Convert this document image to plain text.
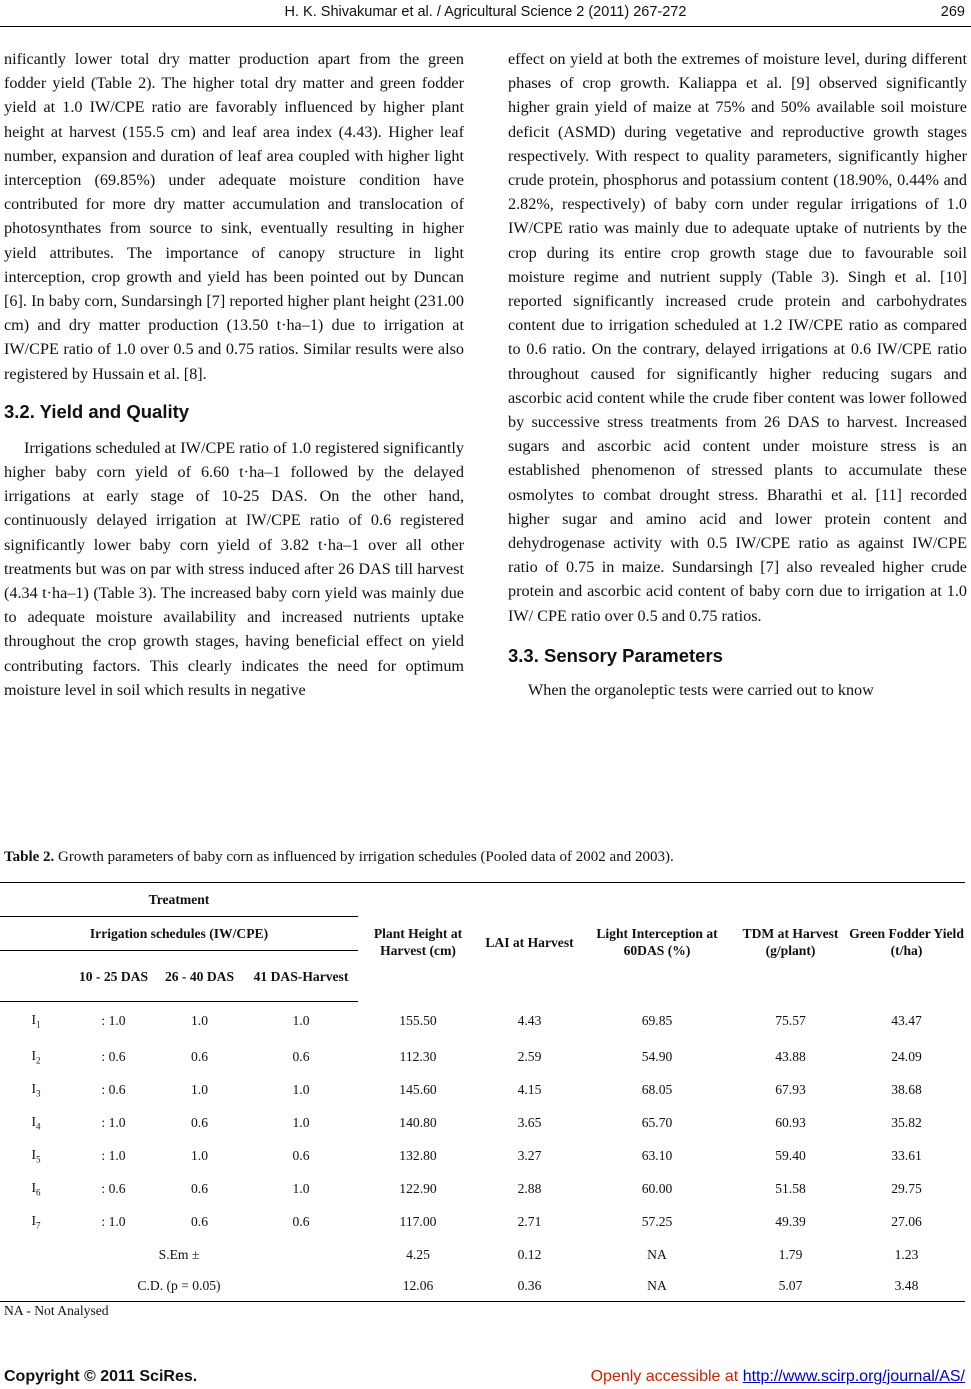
H. K. Shivakumar et al. / Agricultural Science 2 (2011) 267-272	269

nificantly lower total dry matter production apart from the green fodder yield (Table 2). The higher total dry matter and green fodder yield at 1.0 IW/CPE ratio are favorably influenced by higher plant height at harvest (155.5 cm) and leaf area index (4.43). Higher leaf number, expansion and duration of leaf area coupled with higher light interception (69.85%) under adequate moisture condition have contributed for more dry matter accumulation and translocation of photosynthates from source to sink, eventually resulting in higher yield attributes. The importance of canopy structure in light interception, crop growth and yield has been pointed out by Duncan [6]. In baby corn, Sundarsingh [7] reported higher plant height (231.00 cm) and dry matter production (13.50 t·ha–1) due to irrigation at IW/CPE ratio of 1.0 over 0.5 and 0.75 ratios. Similar results were also registered by Hussain et al. [8].

3.2. Yield and Quality

Irrigations scheduled at IW/CPE ratio of 1.0 registered significantly higher baby corn yield of 6.60 t·ha–1 followed by the delayed irrigations at early stage of 10-25 DAS. On the other hand, continuously delayed irrigation at IW/CPE ratio of 0.6 registered significantly lower baby corn yield of 3.82 t·ha–1 over all other treatments but was on par with stress induced after 26 DAS till harvest (4.34 t·ha–1) (Table 3). The increased baby corn yield was mainly due to adequate moisture availability and increased nutrients uptake throughout the crop growth stages, having beneficial effect on yield contributing factors. This clearly indicates the need for optimum moisture level in soil which results in negative

effect on yield at both the extremes of moisture level, during different phases of crop growth. Kaliappa et al. [9] observed significantly higher grain yield of maize at 75% and 50% available soil moisture deficit (ASMD) during vegetative and reproductive growth stages respectively. With respect to quality parameters, significantly higher crude protein, phosphorus and potassium content (18.90%, 0.44% and 2.82%, respectively) of baby corn under regular irrigations of 1.0 IW/CPE ratio was mainly due to adequate uptake of nutrients by the crop during its entire crop growth stage due to favourable soil moisture regime and nutrient supply (Table 3). Singh et al. [10] reported significantly increased crude protein and carbohydrates content due to irrigation scheduled at 1.2 IW/CPE ratio as compared to 0.6 ratio. On the contrary, delayed irrigations at 0.6 IW/CPE ratio throughout caused for significantly higher reducing sugars and ascorbic acid content while the crude fiber content was lower followed by successive stress treatments from 26 DAS to harvest. Increased sugars and ascorbic acid content under moisture stress is an established phenomenon of stressed plants to accumulate these osmolytes to combat drought stress. Bharathi et al. [11] recorded higher sugar and amino acid and lower protein content and dehydrogenase activity with 0.5 IW/CPE ratio as against IW/CPE ratio of 0.75 in maize. Sundarsingh [7] also revealed higher crude protein and ascorbic acid content of baby corn due to irrigation at 1.0 IW/ CPE ratio over 0.5 and 0.75 ratios.

3.3. Sensory Parameters

When the organoleptic tests were carried out to know

Table 2. Growth parameters of baby corn as influenced by irrigation schedules (Pooled data of 2002 and 2003).
Treatment				Plant Height at Harvest (cm)	LAI at Harvest	Light Interception at 60DAS (%)	TDM at Harvest (g/plant)	Green Fodder Yield (t/ha)
Irrigation schedules (IW/CPE)								
	10 - 25 DAS	26 - 40 DAS	41 DAS-Harvest					
$I_1$	: 1.0	1.0	1.0	155.50	4.43	69.85	75.57	43.47
$I_2$	: 0.6	0.6	0.6	112.30	2.59	54.90	43.88	24.09
$I_3$	: 0.6	1.0	1.0	145.60	4.15	68.05	67.93	38.68
$I_4$	: 1.0	0.6	1.0	140.80	3.65	65.70	60.93	35.82
$I_5$	: 1.0	1.0	0.6	132.80	3.27	63.10	59.40	33.61
$I_6$	: 0.6	0.6	1.0	122.90	2.88	60.00	51.58	29.75
$I_7$	: 1.0	0.6	0.6	117.00	2.71	57.25	49.39	27.06
S.Em ±				4.25	0.12	NA	1.79	1.23
C.D. (p = 0.05)				12.06	0.36	NA	5.07	3.48
NA - Not Analysed
Copyright © 2011 SciRes.	Openly accessible at http://www.scirp.org/journal/AS/
